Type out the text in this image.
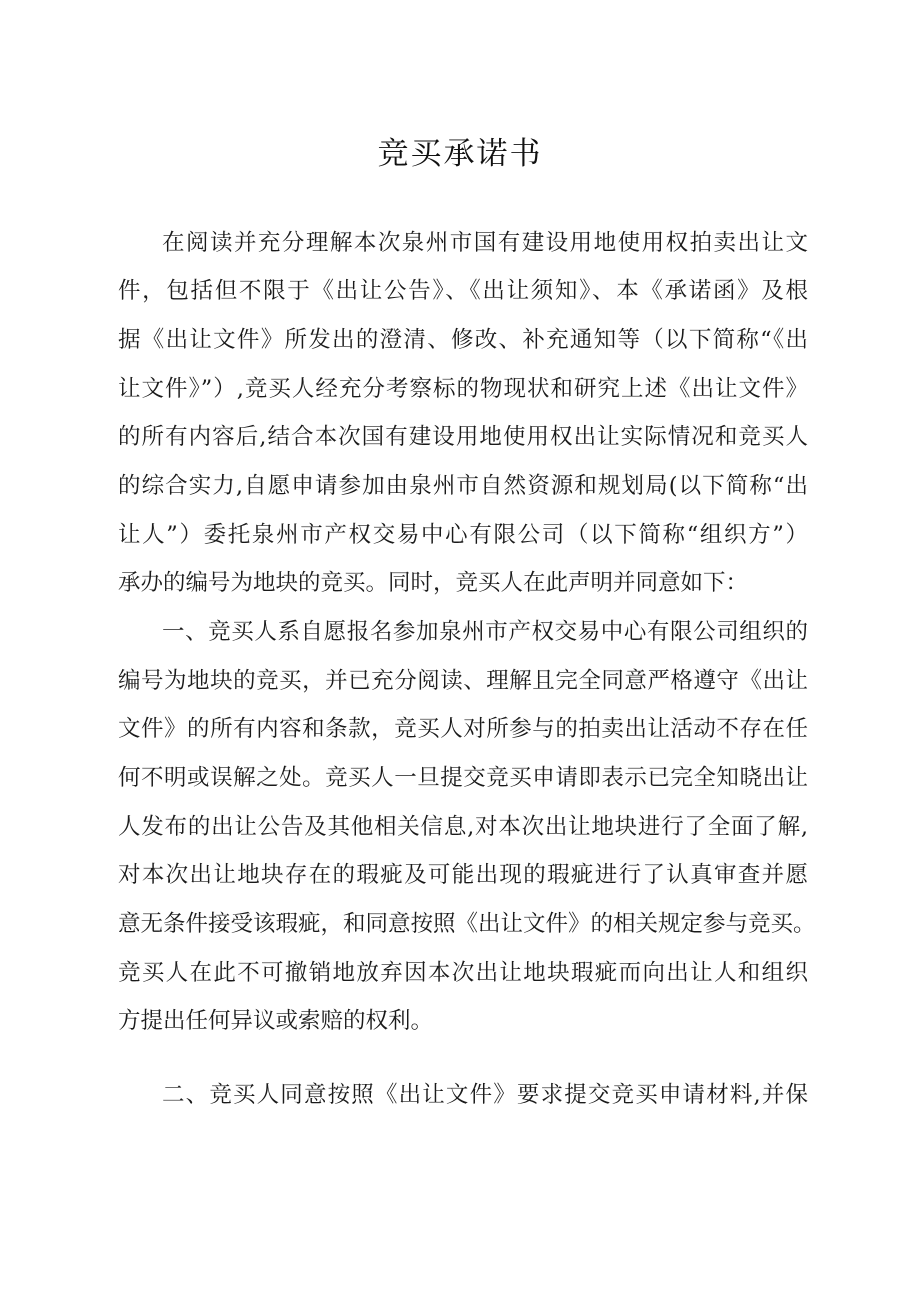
竞买承诺书
在阅读并充分理解本次泉州市国有建设用地使用权拍卖出让文
件，包括但不限于《出让公告》、《出让须知》、本《承诺函》及根
据《出让文件》所发出的澄清、修改、补充通知等（以下简称“《出
让文件》”）,竞买人经充分考察标的物现状和研究上述《出让文件》
的所有内容后,结合本次国有建设用地使用权出让实际情况和竞买人
的综合实力,自愿申请参加由泉州市自然资源和规划局(以下简称“出
让人”）委托泉州市产权交易中心有限公司（以下简称“组织方”）
承办的编号为地块的竞买。同时，竞买人在此声明并同意如下：
一、竞买人系自愿报名参加泉州市产权交易中心有限公司组织的
编号为地块的竞买，并已充分阅读、理解且完全同意严格遵守《出让
文件》的所有内容和条款，竞买人对所参与的拍卖出让活动不存在任
何不明或误解之处。竞买人一旦提交竞买申请即表示已完全知晓出让
人发布的出让公告及其他相关信息,对本次出让地块进行了全面了解,
对本次出让地块存在的瑕疵及可能出现的瑕疵进行了认真审查并愿
意无条件接受该瑕疵，和同意按照《出让文件》的相关规定参与竞买。
竞买人在此不可撤销地放弃因本次出让地块瑕疵而向出让人和组织
方提出任何异议或索赔的权利。
二、竞买人同意按照《出让文件》要求提交竞买申请材料,并保
